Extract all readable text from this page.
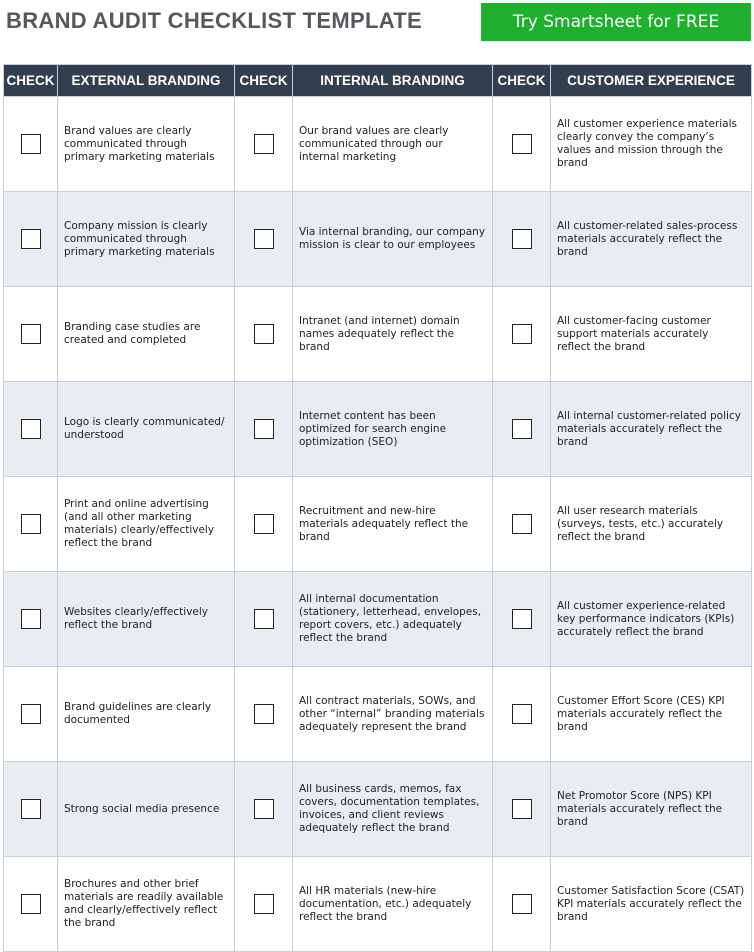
BRAND AUDIT CHECKLIST TEMPLATE	Try Smartsheet for FREE
CHECK	EXTERNAL BRANDING	CHECK	INTERNAL BRANDING	CHECK	CUSTOMER EXPERIENCE
	Brand values are clearly communicated through primary marketing materials		Our brand values are clearly communicated through our internal marketing		All customer experience materials clearly convey the company’s values and mission through the brand
	Company mission is clearly communicated through primary marketing materials		Via internal branding, our company mission is clear to our employees		All customer-related sales-process materials accurately reflect the brand
	Branding case studies are created and completed		Intranet (and internet) domain names adequately reflect the brand		All customer-facing customer support materials accurately reflect the brand
	Logo is clearly communicated/ understood		Internet content has been optimized for search engine optimization (SEO)		All internal customer-related policy materials accurately reflect the brand
	Print and online advertising (and all other marketing materials) clearly/effectively reflect the brand		Recruitment and new-hire materials adequately reflect the brand		All user research materials (surveys, tests, etc.) accurately reflect the brand
	Websites clearly/effectively reflect the brand		All internal documentation (stationery, letterhead, envelopes, report covers, etc.) adequately reflect the brand		All customer experience-related key performance indicators (KPIs) accurately reflect the brand
	Brand guidelines are clearly documented		All contract materials, SOWs, and other “internal” branding materials adequately represent the brand		Customer Effort Score (CES) KPI materials accurately reflect the brand
	Strong social media presence		All business cards, memos, fax covers, documentation templates, invoices, and client reviews adequately reflect the brand		Net Promotor Score (NPS) KPI materials accurately reflect the brand
	Brochures and other brief materials are readily available and clearly/effectively reflect the brand		All HR materials (new-hire documentation, etc.) adequately reflect the brand		Customer Satisfaction Score (CSAT) KPI materials accurately reflect the brand
